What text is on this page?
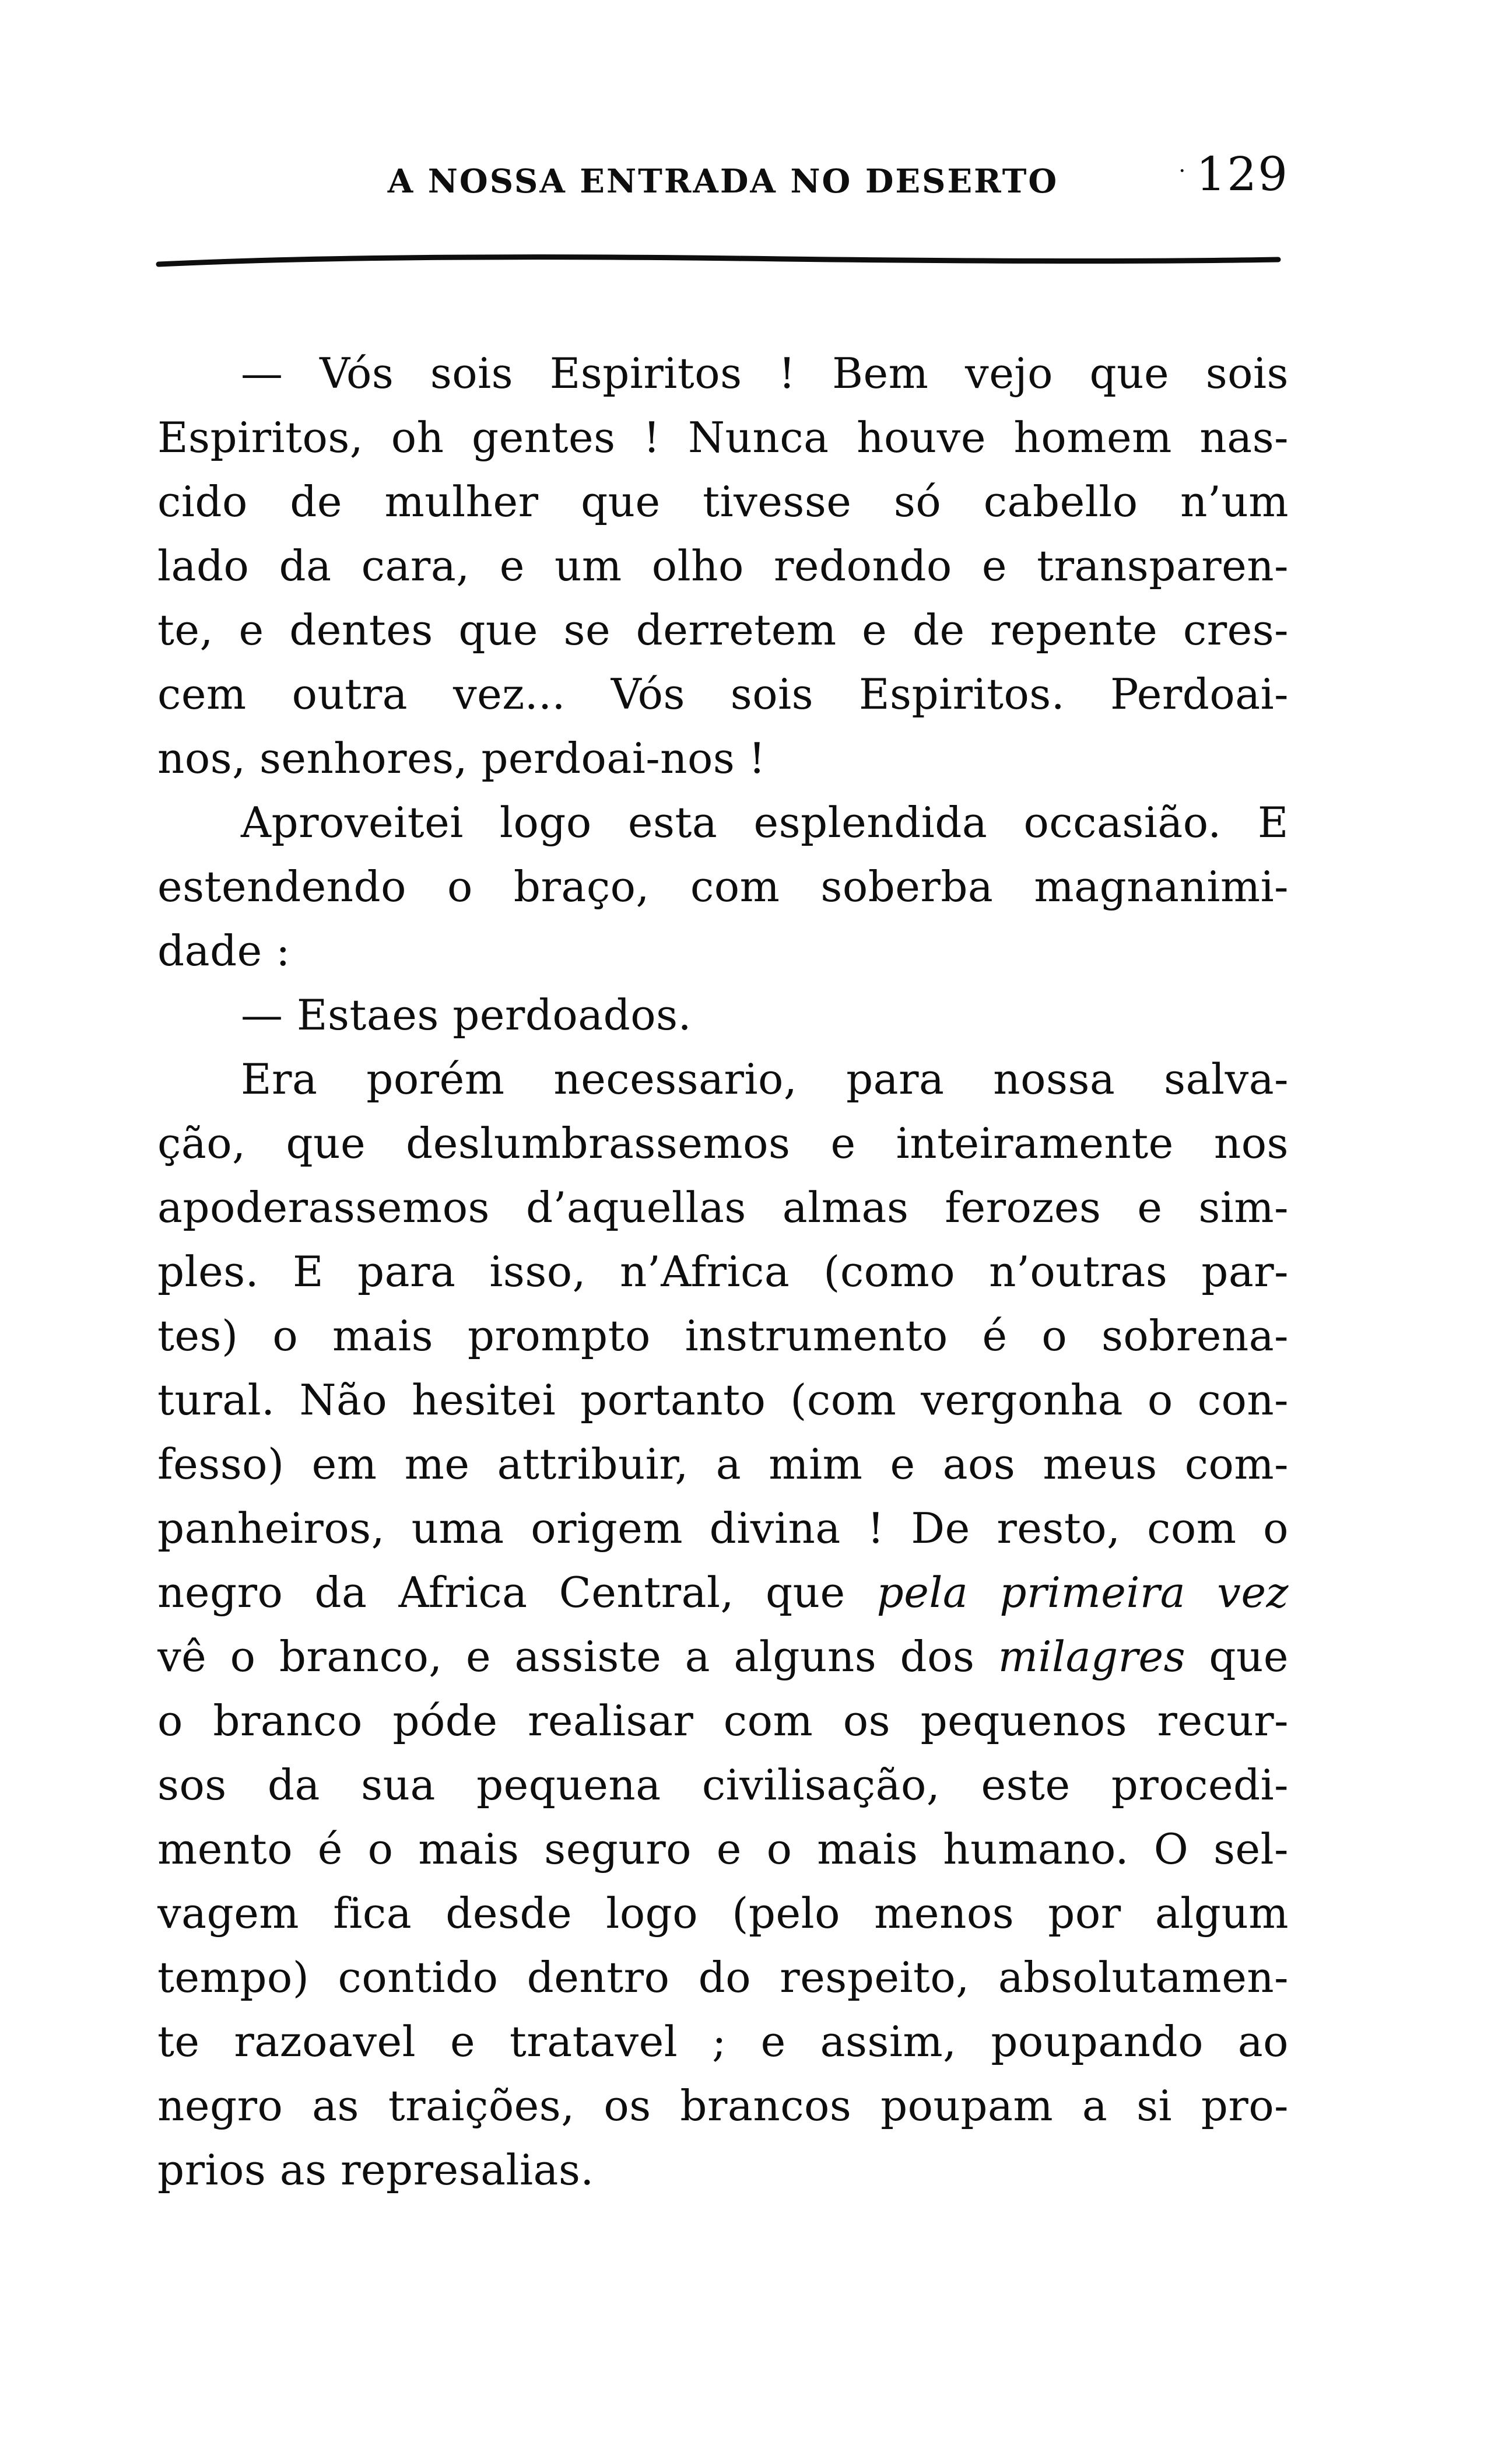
A NOSSA ENTRADA NO DESERTO	· 129
— Vós sois Espiritos ! Bem vejo que sois
Espiritos, oh gentes ! Nunca houve homem nas-
cido de mulher que tivesse só cabello n’um
lado da cara, e um olho redondo e transparen-
te, e dentes que se derretem e de repente cres-
cem outra vez... Vós sois Espiritos. Perdoai-
nos, senhores, perdoai-nos !
Aproveitei logo esta esplendida occasião. E
estendendo o braço, com soberba magnanimi-
dade :
— Estaes perdoados.
Era porém necessario, para nossa salva-
ção, que deslumbrassemos e inteiramente nos
apoderassemos d’aquellas almas ferozes e sim-
ples. E para isso, n’Africa (como n’outras par-
tes) o mais prompto instrumento é o sobrena-
tural. Não hesitei portanto (com vergonha o con-
fesso) em me attribuir, a mim e aos meus com-
panheiros, uma origem divina ! De resto, com o
negro da Africa Central, que pela primeira vez
vê o branco, e assiste a alguns dos milagres que
o branco póde realisar com os pequenos recur-
sos da sua pequena civilisação, este procedi-
mento é o mais seguro e o mais humano. O sel-
vagem fica desde logo (pelo menos por algum
tempo) contido dentro do respeito, absolutamen-
te razoavel e tratavel ; e assim, poupando ao
negro as traições, os brancos poupam a si pro-
prios as represalias.
